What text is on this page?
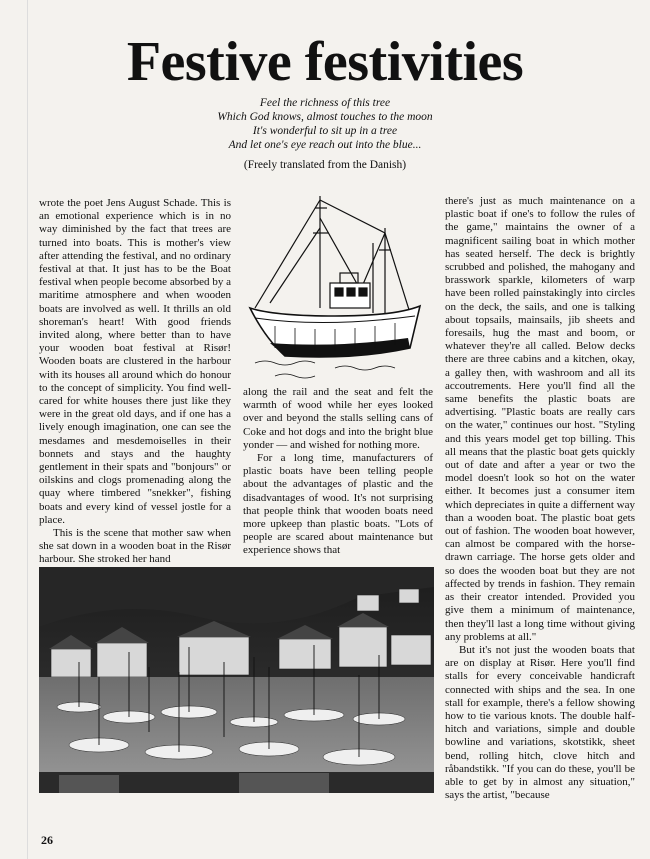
Festive festivities
Feel the richness of this tree
Which God knows, almost touches to the moon
It's wonderful to sit up in a tree
And let one's eye reach out into the blue...
(Freely translated from the Danish)

wrote the poet Jens August Schade. This is an emotional experience which is in no way diminished by the fact that trees are turned into boats. This is mother's view after attending the festival, and no ordinary festival at that. It just has to be the Boat festival when people become absorbed by a maritime atmosphere and when wooden boats are involved as well. It thrills an old shoreman's heart! With good friends invited along, where better than to have your wooden boat festival at Risør! Wooden boats are clustered in the harbour with its houses all around which do honour to the concept of simplicity. You find well-cared for white houses there just like they were in the great old days, and if one has a lively enough imagination, one can see the mesdames and mesdemoiselles in their bonnets and stays and the haughty gentlement in their spats and "bonjours" or oilskins and clogs promenading along the quay where timbered "snekker", fishing boats and every kind of vessel jostle for a place.

This is the scene that mother saw when she sat down in a wooden boat in the Risør harbour. She stroked her hand

along the rail and the seat and felt the warmth of wood while her eyes looked over and beyond the stalls selling cans of Coke and hot dogs and into the bright blue yonder — and wished for nothing more.

For a long time, manufacturers of plastic boats have been telling people about the advantages of plastic and the disadvantages of wood. It's not surprising that people think that wooden boats need more upkeep than plastic boats. "Lots of people are scared about maintenance but experience shows that

there's just as much maintenance on a plastic boat if one's to follow the rules of the game," maintains the owner of a magnificent sailing boat in which mother has seated herself. The deck is brightly scrubbed and polished, the mahogany and brasswork sparkle, kilometers of warp have been rolled painstakingly into circles on the deck, the sails, and one is talking about topsails, mainsails, jib sheets and foresails, hug the mast and boom, or whatever they're all called. Below decks there are three cabins and a kitchen, okay, a galley then, with washroom and all its accoutrements. Here you'll find all the same benefits the plastic boats are advertising. "Plastic boats are really cars on the water," continues our host. "Styling and this years model get top billing. This all means that the plastic boat gets quickly out of date and after a year or two the model doesn't look so hot on the water either. It becomes just a consumer item which depreciates in quite a differnent way than a wooden boat. The plastic boat gets out of fashion. The wooden boat however, can almost be compared with the horse-drawn carriage. The horse gets older and so does the wooden boat but they are not affected by trends in fashion. They remain as their creator intended. Provided you give them a minimum of maintenance, then they'll last a long time without giving any problems at all."

But it's not just the wooden boats that are on display at Risør. Here you'll find stalls for every conceivable handicraft connected with ships and the sea. In one stall for example, there's a fellow showing how to tie various knots. The double half-hitch and variations, simple and double bowline and variations, skotstikk, sheet bend, rolling hitch, clove hitch and råbandstikk. "If you can do these, you'll be able to get by in almost any situation," says the artist, "because

26
